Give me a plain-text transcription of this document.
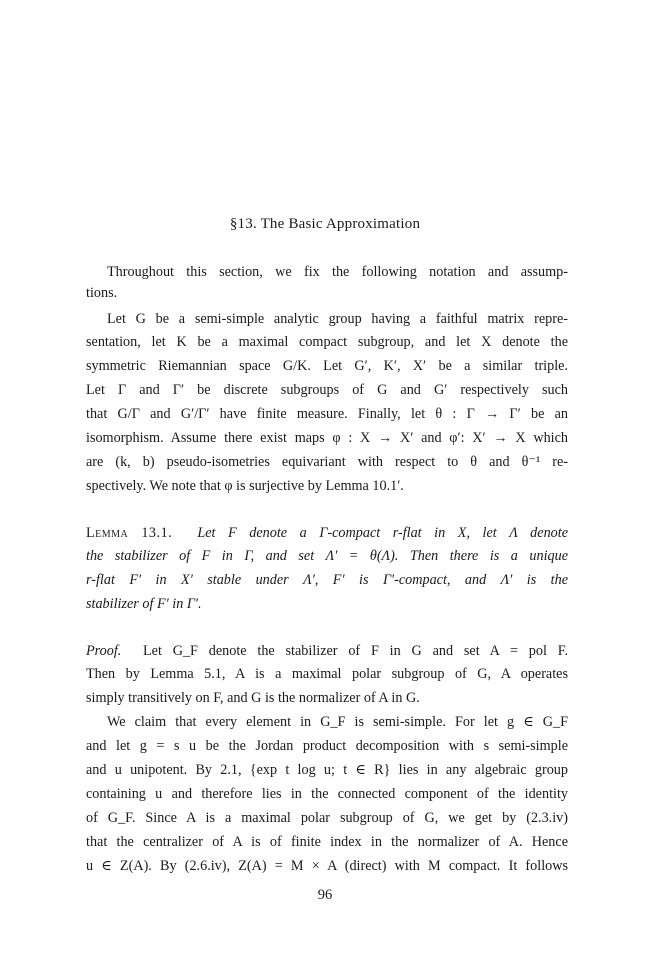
§13. The Basic Approximation
Throughout this section, we fix the following notation and assump-
tions.
Let G be a semi-simple analytic group having a faithful matrix repre-
sentation, let K be a maximal compact subgroup, and let X denote the
symmetric Riemannian space G/K. Let G′, K′, X′ be a similar triple.
Let Γ and Γ′ be discrete subgroups of G and G′ respectively such
that G/Γ and G′/Γ′ have finite measure. Finally, let θ : Γ → Γ′ be an
isomorphism. Assume there exist maps φ : X → X′ and φ′: X′ → X which
are (k, b) pseudo-isometries equivariant with respect to θ and θ⁻¹ re-
spectively. We note that φ is surjective by Lemma 10.1′.
Lemma 13.1. Let F denote a Γ-compact r-flat in X, let Λ denote
the stabilizer of F in Γ, and set Λ′ = θ(Λ). Then there is a unique
r-flat F′ in X′ stable under Λ′, F′ is Γ′-compact, and Λ′ is the
stabilizer of F′ in Γ′.
Proof. Let G_F denote the stabilizer of F in G and set A = pol F.
Then by Lemma 5.1, A is a maximal polar subgroup of G, A operates
simply transitively on F, and G is the normalizer of A in G.
We claim that every element in G_F is semi-simple. For let g ∈ G_F
and let g = s u be the Jordan product decomposition with s semi-simple
and u unipotent. By 2.1, {exp t log u; t ∈ R} lies in any algebraic group
containing u and therefore lies in the connected component of the identity
of G_F. Since A is a maximal polar subgroup of G, we get by (2.3.iv)
that the centralizer of A is of finite index in the normalizer of A. Hence
u ∈ Z(A). By (2.6.iv), Z(A) = M × A (direct) with M compact. It follows
96
